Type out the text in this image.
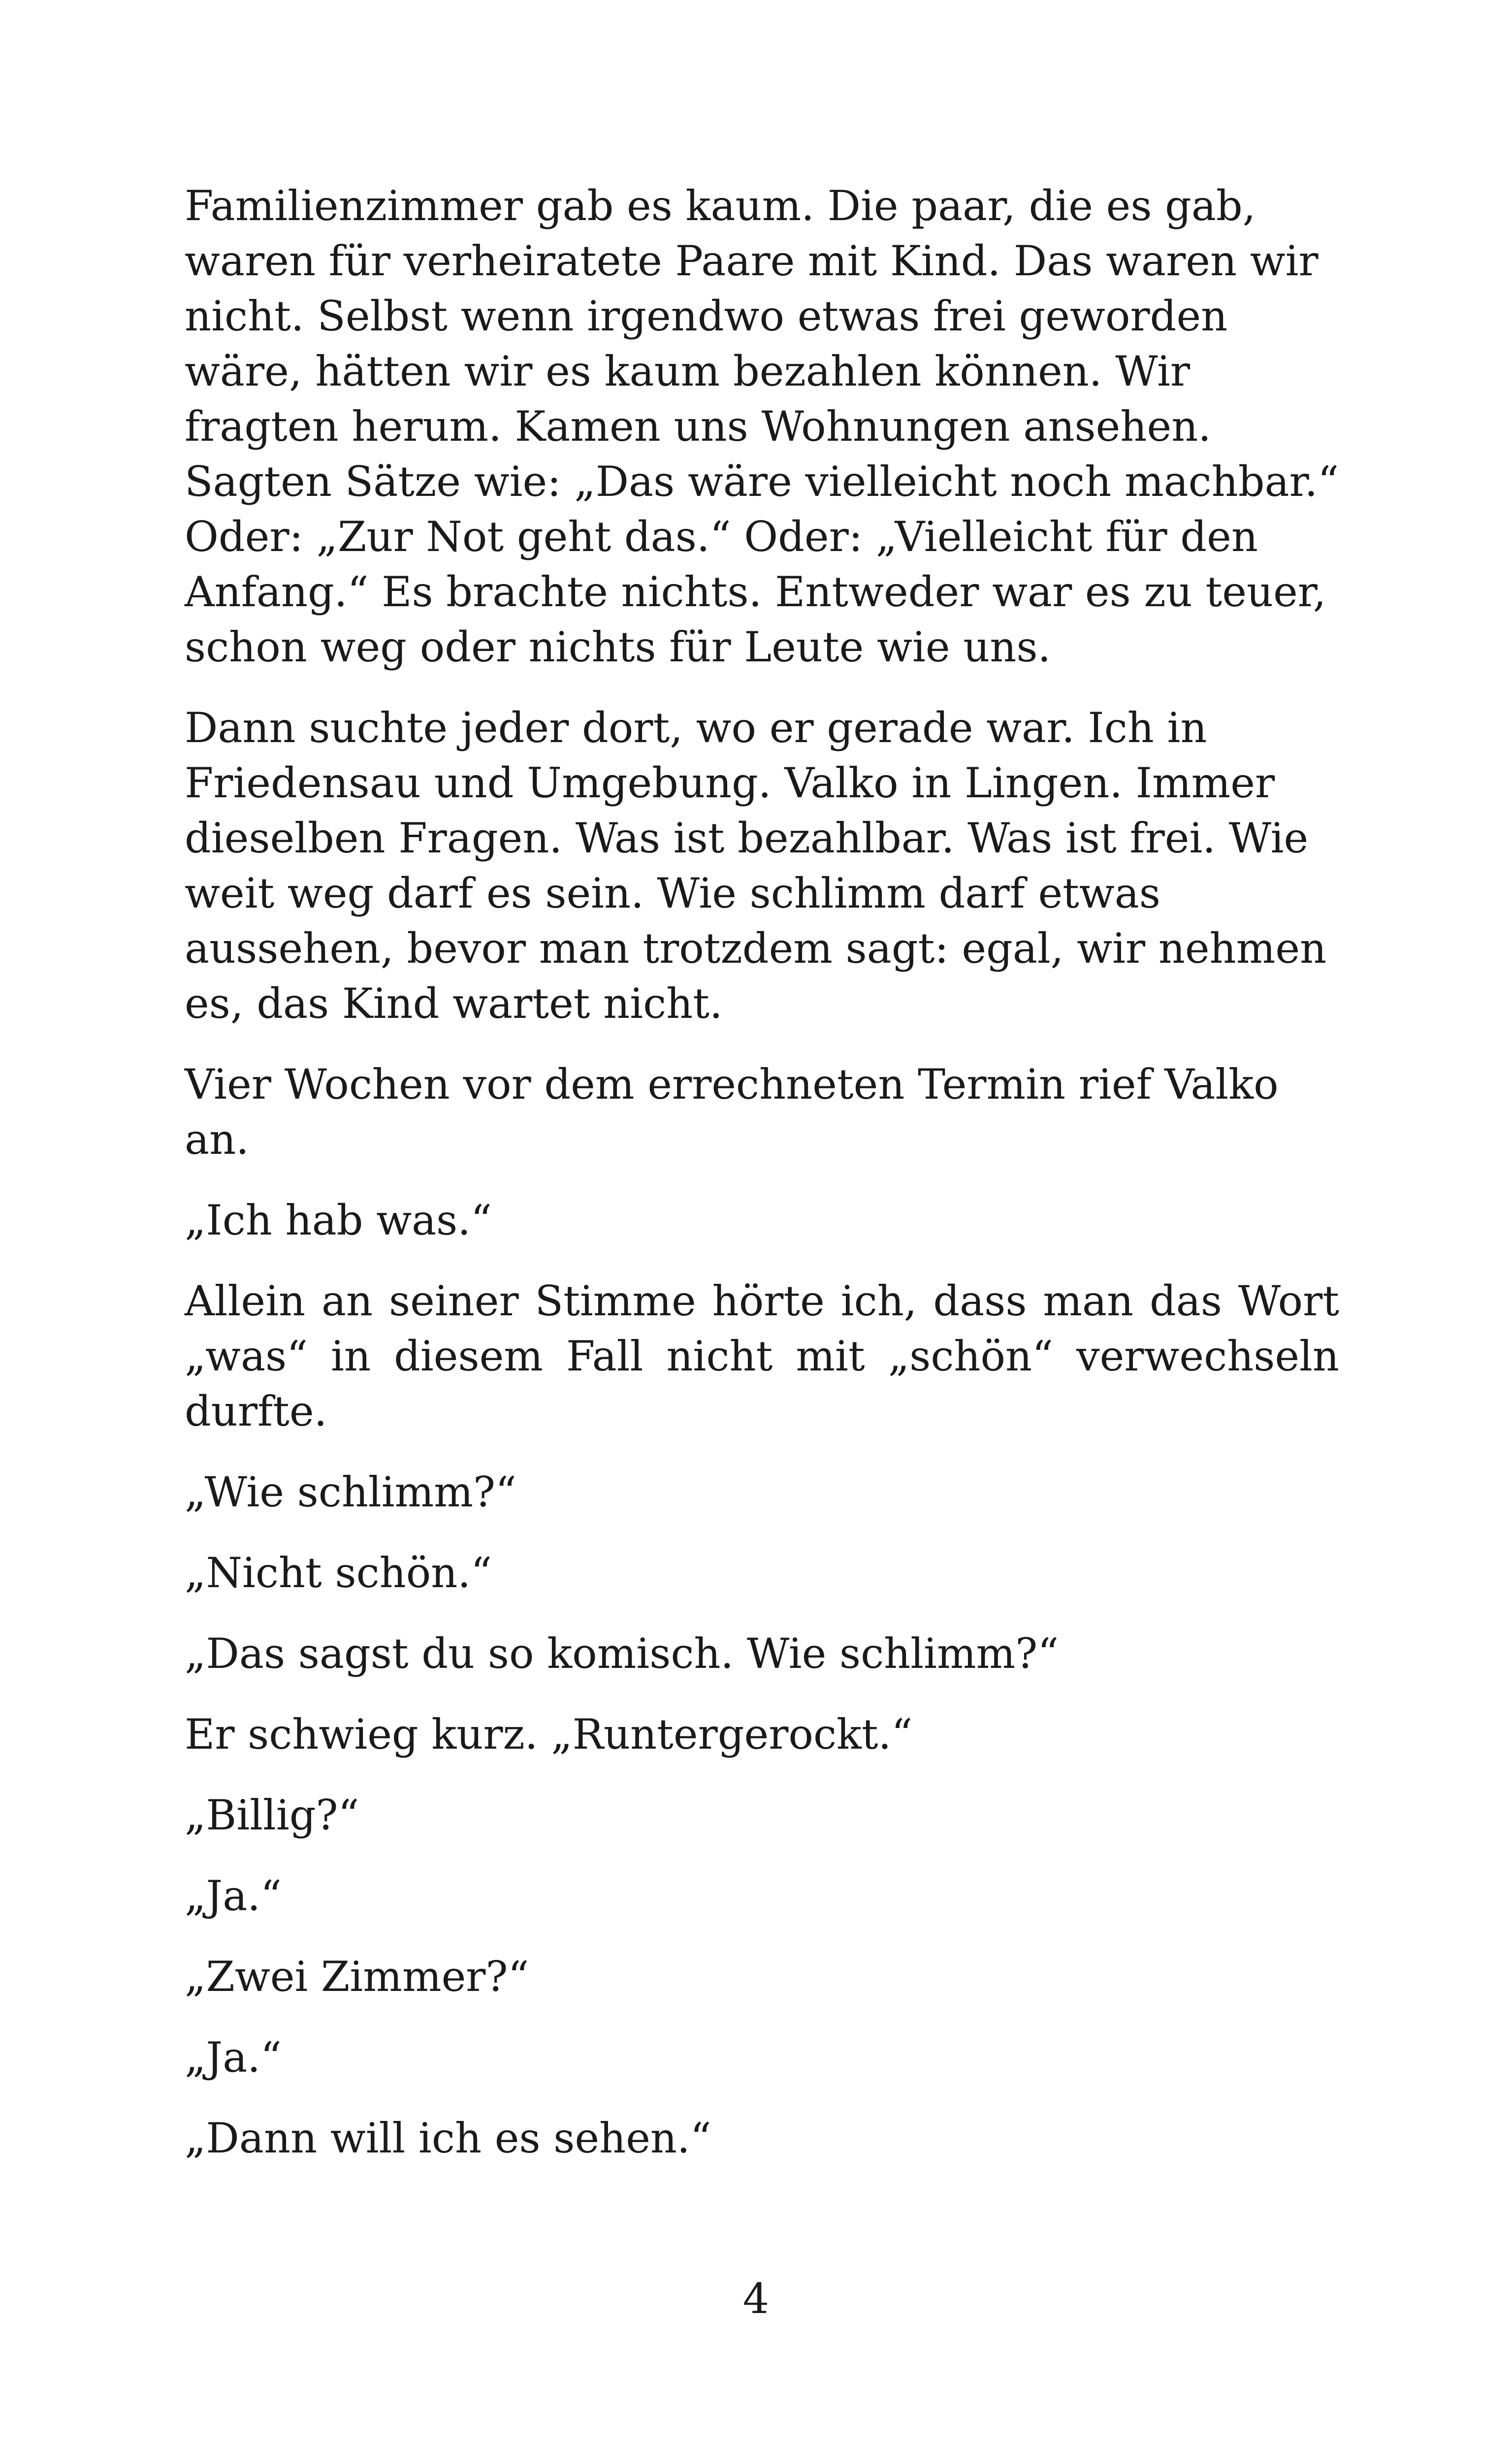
Familienzimmer gab es kaum. Die paar, die es gab, waren für verheiratete Paare mit Kind. Das waren wir nicht. Selbst wenn irgendwo etwas frei geworden wäre, hätten wir es kaum bezahlen können. Wir fragten herum. Kamen uns Wohnungen ansehen. Sagten Sätze wie: „Das wäre vielleicht noch machbar.“ Oder: „Zur Not geht das.“ Oder: „Vielleicht für den Anfang.“ Es brachte nichts. Entweder war es zu teuer, schon weg oder nichts für Leute wie uns.

Dann suchte jeder dort, wo er gerade war. Ich in Friedensau und Umgebung. Valko in Lingen. Immer dieselben Fragen. Was ist bezahlbar. Was ist frei. Wie weit weg darf es sein. Wie schlimm darf etwas aussehen, bevor man trotzdem sagt: egal, wir nehmen es, das Kind wartet nicht.

Vier Wochen vor dem errechneten Termin rief Valko an.

„Ich hab was.“

Allein an seiner Stimme hörte ich, dass man das Wort „was“ in diesem Fall nicht mit „schön“ verwechseln durfte.

„Wie schlimm?“

„Nicht schön.“

„Das sagst du so komisch. Wie schlimm?“

Er schwieg kurz. „Runtergerockt.“

„Billig?“

„Ja.“

„Zwei Zimmer?“

„Ja.“

„Dann will ich es sehen.“

4
